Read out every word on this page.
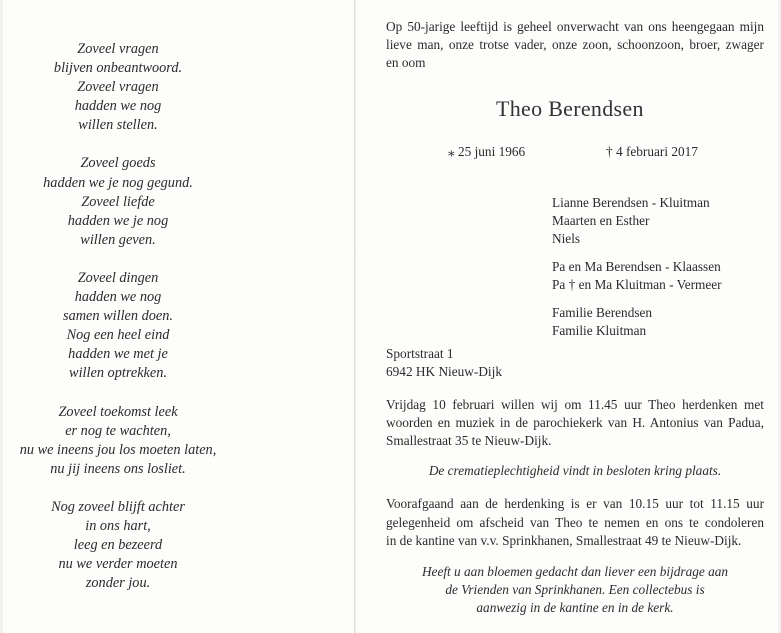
Zoveel vragen
blijven onbeantwoord.
Zoveel vragen
hadden we nog
willen stellen.
Zoveel goeds
hadden we je nog gegund.
Zoveel liefde
hadden we je nog
willen geven.
Zoveel dingen
hadden we nog
samen willen doen.
Nog een heel eind
hadden we met je
willen optrekken.
Zoveel toekomst leek
er nog te wachten,
nu we ineens jou los moeten laten,
nu jij ineens ons losliet.
Nog zoveel blijft achter
in ons hart,
leeg en bezeerd
nu we verder moeten
zonder jou.
Op 50-jarige leeftijd is geheel onverwacht van ons heengegaan mijn
lieve man, onze trotse vader, onze zoon, schoonzoon, broer, zwager
en oom
Theo Berendsen
⁎ 25 juni 1966	† 4 februari 2017
Lianne Berendsen - Kluitman
Maarten en Esther
Niels
Pa en Ma Berendsen - Klaassen
Pa † en Ma Kluitman - Vermeer
Familie Berendsen
Familie Kluitman
Sportstraat 1
6942 HK Nieuw-Dijk
Vrijdag 10 februari willen wij om 11.45 uur Theo herdenken met
woorden en muziek in de parochiekerk van H. Antonius van Padua,
Smallestraat 35 te Nieuw-Dijk.
De crematieplechtigheid vindt in besloten kring plaats.
Voorafgaand aan de herdenking is er van 10.15 uur tot 11.15 uur
gelegenheid om afscheid van Theo te nemen en ons te condoleren
in de kantine van v.v. Sprinkhanen, Smallestraat 49 te Nieuw-Dijk.
Heeft u aan bloemen gedacht dan liever een bijdrage aan
de Vrienden van Sprinkhanen. Een collectebus is
aanwezig in de kantine en in de kerk.
